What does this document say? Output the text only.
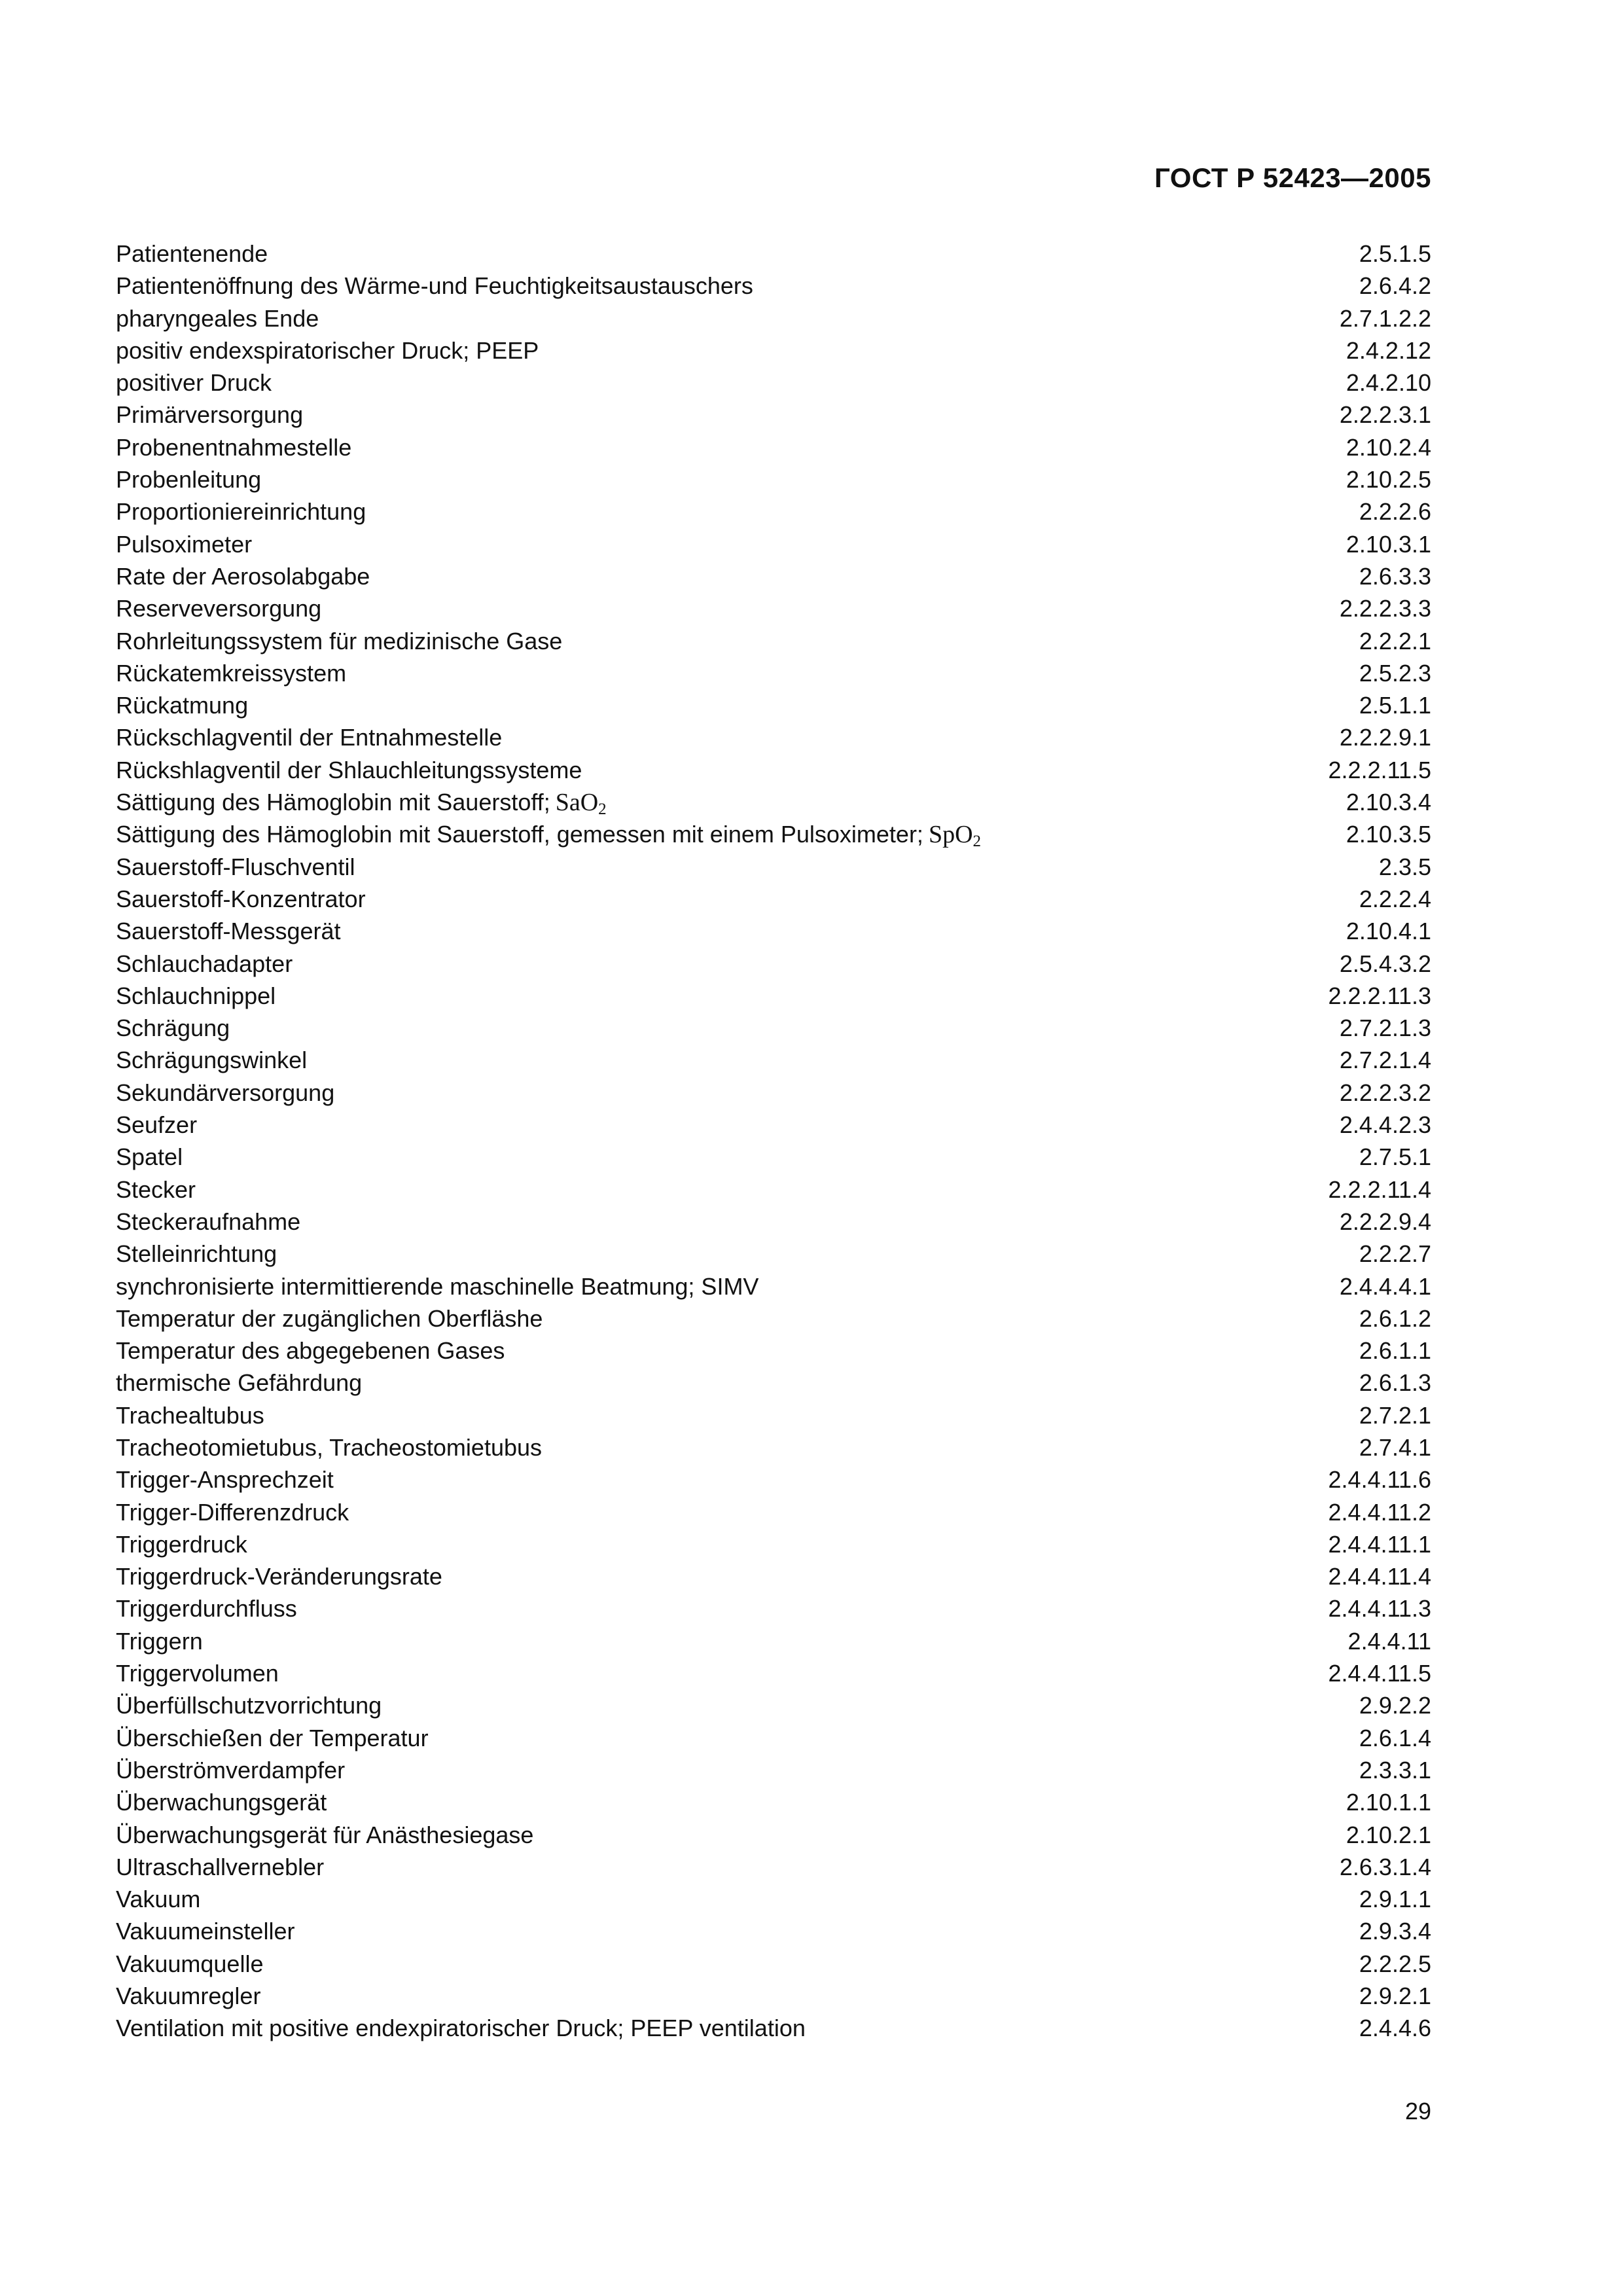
ГОСТ Р 52423—2005
Patientenende	2.5.1.5
Patientenöffnung des Wärme-und Feuchtigkeitsaustauschers	2.6.4.2
pharyngeales Ende	2.7.1.2.2
positiv endexspiratorischer Druck; PEEP	2.4.2.12
positiver Druck	2.4.2.10
Primärversorgung	2.2.2.3.1
Probenentnahmestelle	2.10.2.4
Probenleitung	2.10.2.5
Proportioniereinrichtung	2.2.2.6
Pulsoximeter	2.10.3.1
Rate der Aerosolabgabe	2.6.3.3
Reserveversorgung	2.2.2.3.3
Rohrleitungssystem für medizinische Gase	2.2.2.1
Rückatemkreissystem	2.5.2.3
Rückatmung	2.5.1.1
Rückschlagventil der Entnahmestelle	2.2.2.9.1
Rückshlagventil der Shlauchleitungssysteme	2.2.2.11.5
Sättigung des Hämoglobin mit Sauerstoff; SaO$_2$	2.10.3.4
Sättigung des Hämoglobin mit Sauerstoff, gemessen mit einem Pulsoximeter; SpO$_2$	2.10.3.5
Sauerstoff-Fluschventil	2.3.5
Sauerstoff-Konzentrator	2.2.2.4
Sauerstoff-Messgerät	2.10.4.1
Schlauchadapter	2.5.4.3.2
Schlauchnippel	2.2.2.11.3
Schrägung	2.7.2.1.3
Schrägungswinkel	2.7.2.1.4
Sekundärversorgung	2.2.2.3.2
Seufzer	2.4.4.2.3
Spatel	2.7.5.1
Stecker	2.2.2.11.4
Steckeraufnahme	2.2.2.9.4
Stelleinrichtung	2.2.2.7
synchronisierte intermittierende maschinelle Beatmung; SIMV	2.4.4.4.1
Temperatur der zugänglichen Oberfläshe	2.6.1.2
Temperatur des abgegebenen Gases	2.6.1.1
thermische Gefährdung	2.6.1.3
Trachealtubus	2.7.2.1
Tracheotomietubus, Tracheostomietubus	2.7.4.1
Trigger-Ansprechzeit	2.4.4.11.6
Trigger-Differenzdruck	2.4.4.11.2
Triggerdruck	2.4.4.11.1
Triggerdruck-Veränderungsrate	2.4.4.11.4
Triggerdurchfluss	2.4.4.11.3
Triggern	2.4.4.11
Triggervolumen	2.4.4.11.5
Überfüllschutzvorrichtung	2.9.2.2
Überschießen der Temperatur	2.6.1.4
Überströmverdampfer	2.3.3.1
Überwachungsgerät	2.10.1.1
Überwachungsgerät für Anästhesiegase	2.10.2.1
Ultraschallvernebler	2.6.3.1.4
Vakuum	2.9.1.1
Vakuumeinsteller	2.9.3.4
Vakuumquelle	2.2.2.5
Vakuumregler	2.9.2.1
Ventilation mit positive endexpiratorischer Druck; PEEP ventilation	2.4.4.6
29
